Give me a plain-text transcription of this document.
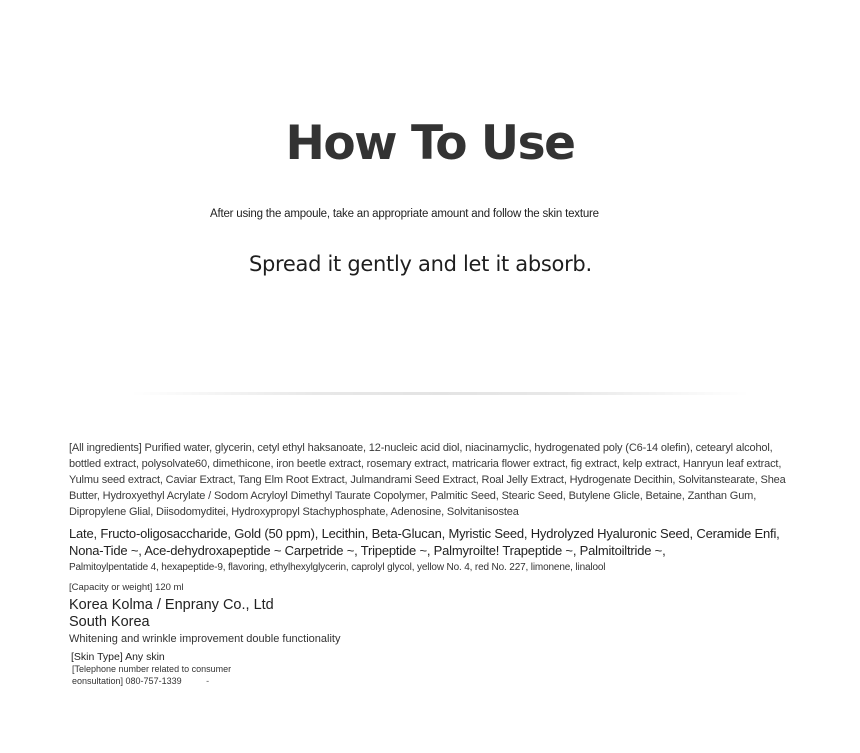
How To Use
After using the ampoule, take an appropriate amount and follow the skin texture
Spread it gently and let it absorb.
[All ingredients] Purified water, glycerin, cetyl ethyl haksanoate, 12-nucleic acid diol, niacinamyclic, hydrogenated poly (C6-14 olefin), cetearyl alcohol, bottled extract, polysolvate60, dimethicone, iron beetle extract, rosemary extract, matricaria flower extract, fig extract, kelp extract, Hanryun leaf extract, Yulmu seed extract, Caviar Extract, Tang Elm Root Extract, Julmandrami Seed Extract, Roal Jelly Extract, Hydrogenate Decithin, Solvitanstearate, Shea Butter, Hydroxyethyl Acrylate / Sodom Acryloyl Dimethyl Taurate Copolymer, Palmitic Seed, Stearic Seed, Butylene Glicle, Betaine, Zanthan Gum, Dipropylene Glial, Diisodomyditei, Hydroxypropyl Stachyphosphate, Adenosine, Solvitanisostea
Late, Fructo-oligosaccharide, Gold (50 ppm), Lecithin, Beta-Glucan, Myristic Seed, Hydrolyzed Hyaluronic Seed, Ceramide Enfi, Nona-Tide ~, Ace-dehydroxapeptide ~ Carpetride ~, Tripeptide ~, Palmyroilte! Trapeptide ~, Palmitoiltride ~,
Palmitoylpentatide 4, hexapeptide-9, flavoring, ethylhexylglycerin, caprolyl glycol, yellow No. 4, red No. 227, limonene, linalool
[Capacity or weight] 120 ml
Korea Kolma / Enprany Co., Ltd
South Korea
Whitening and wrinkle improvement double functionality
[Skin Type] Any skin
[Telephone number related to consumer
eonsultation] 080-757-1339	-
